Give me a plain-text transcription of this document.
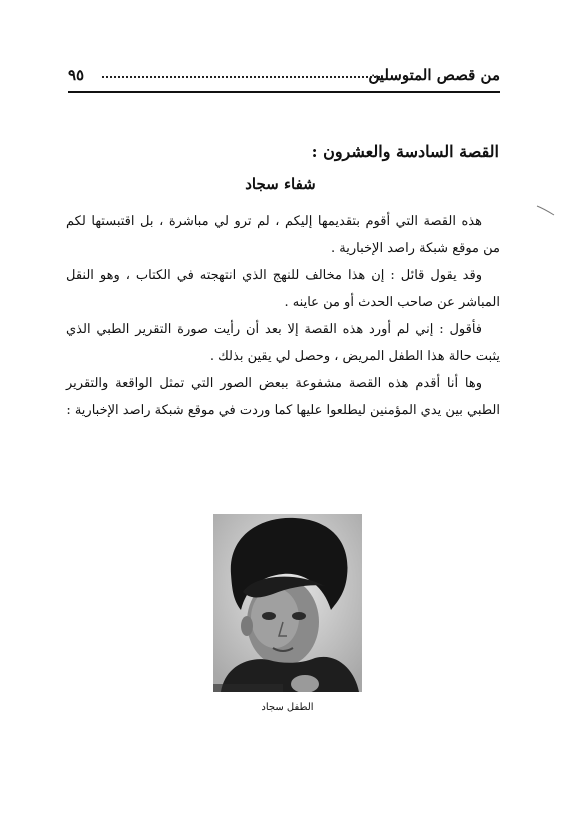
من قصص المتوسلين
٩٥
القصة السادسة والعشرون :
شفاء سجاد

هذه القصة التي أقوم بتقديمها إليكم ، لم ترو لي مباشرة ، بل اقتبستها لكم من موقع شبكة راصد الإخبارية .

وقد يقول قائل : إن هذا مخالف للنهج الذي انتهجته في الكتاب ، وهو النقل المباشر عن صاحب الحدث أو من عاينه .

فأقول : إني لم أورد هذه القصة إلا بعد أن رأيت صورة التقرير الطبي الذي يثبت حالة هذا الطفل المريض ، وحصل لي يقين بذلك .

وها أنا أقدم هذه القصة مشفوعة ببعض الصور التي تمثل الواقعة والتقرير الطبي بين يدي المؤمنين ليطلعوا عليها كما وردت في موقع شبكة راصد الإخبارية :

الطفل سجاد
